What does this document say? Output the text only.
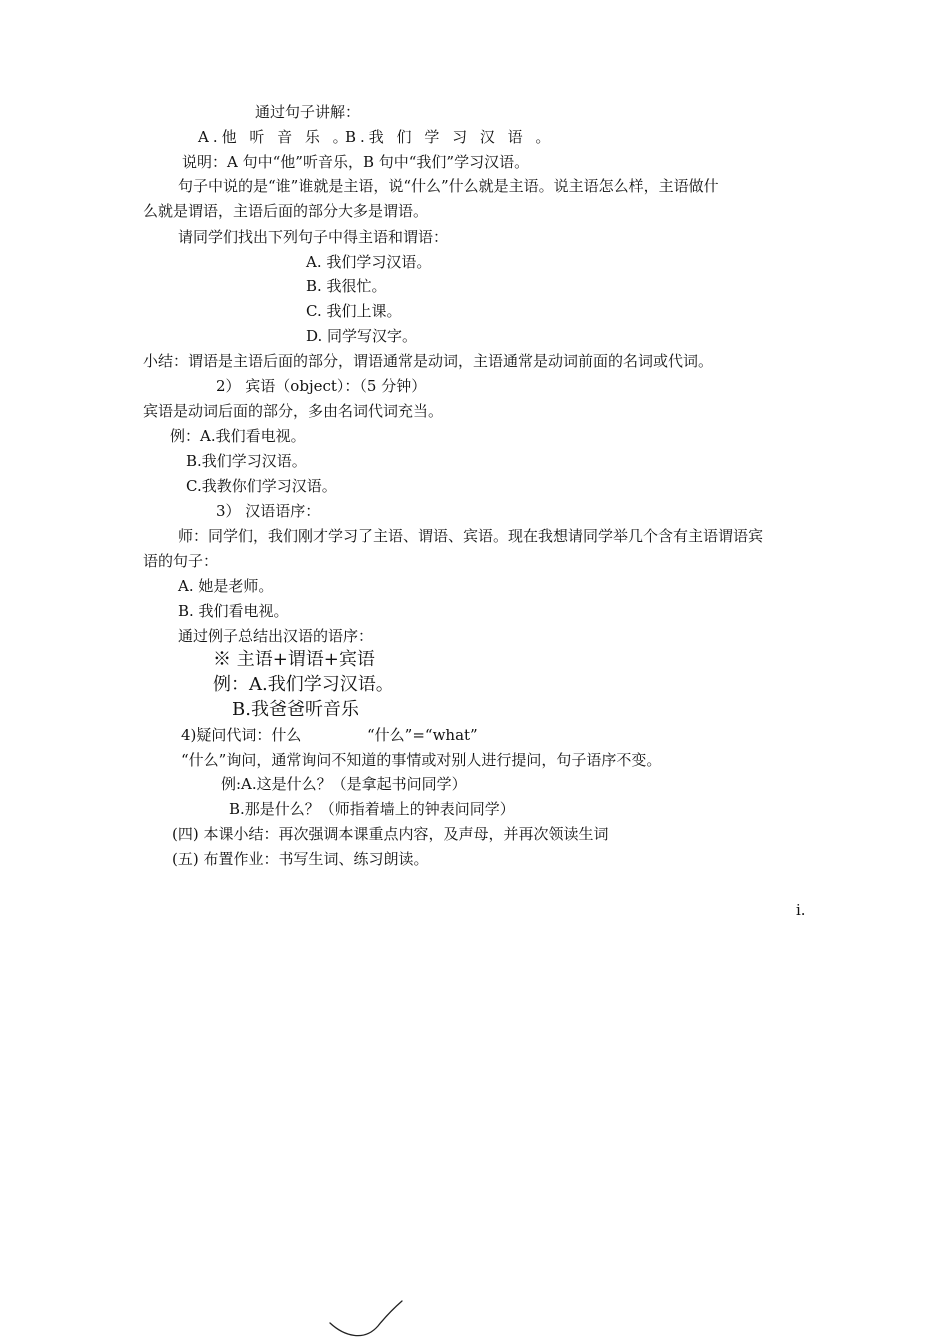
通过句子讲解：
A.他 听 音 乐 。
B.我 们 学 习 汉 语 。
说明：A 句中“他”听音乐，B 句中“我们”学习汉语。
句子中说的是“谁”谁就是主语，说“什么”什么就是主语。说主语怎么样，主语做什
么就是谓语，主语后面的部分大多是谓语。
请同学们找出下列句子中得主语和谓语：
A. 我们学习汉语。
B. 我很忙。
C. 我们上课。
D. 同学写汉字。
小结：谓语是主语后面的部分，谓语通常是动词，主语通常是动词前面的名词或代词。
2） 宾语（object）：（5 分钟）
宾语是动词后面的部分，多由名词代词充当。
例：A.我们看电视。
B.我们学习汉语。
C.我教你们学习汉语。
3） 汉语语序：
师：同学们，我们刚才学习了主语、谓语、宾语。现在我想请同学举几个含有主语谓语宾
语的句子：
A. 她是老师。
B. 我们看电视。
通过例子总结出汉语的语序：
※ 主语+谓语+宾语
例：A.我们学习汉语。
B.我爸爸听音乐
4)疑问代词：什么	“什么”=“what”
“什么”询问，通常询问不知道的事情或对别人进行提问，句子语序不变。
例:A.这是什么？（是拿起书问同学）
B.那是什么？（师指着墙上的钟表问同学）
(四) 本课小结：再次强调本课重点内容，及声母，并再次领读生词
(五) 布置作业：书写生词、练习朗读。
i.
